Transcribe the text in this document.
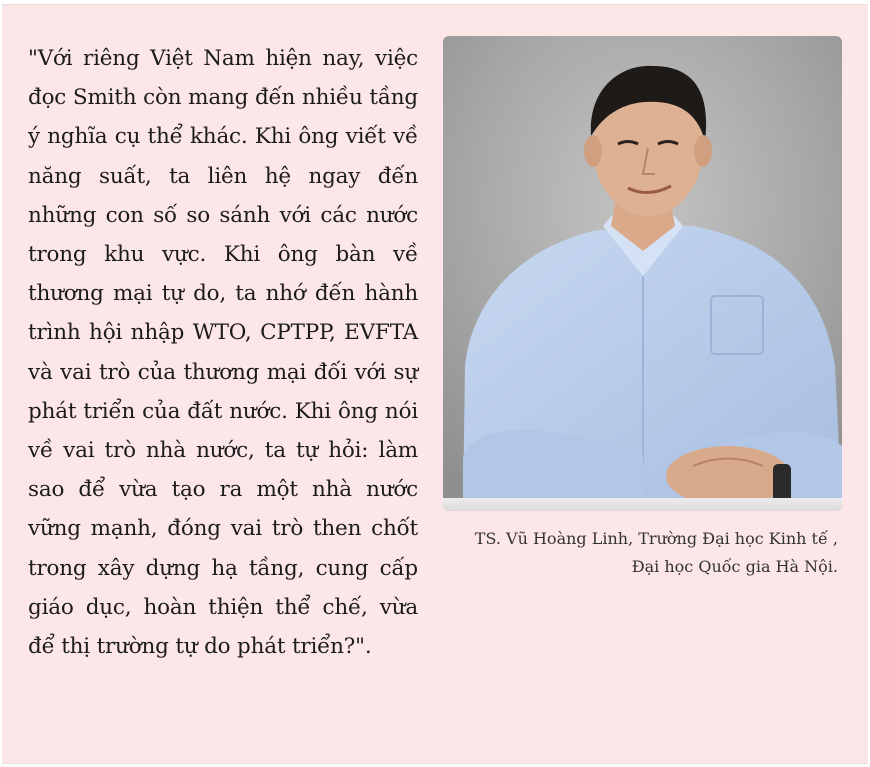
"Với riêng Việt Nam hiện nay, việc đọc Smith còn mang đến nhiều tầng ý nghĩa cụ thể khác. Khi ông viết về năng suất, ta liên hệ ngay đến những con số so sánh với các nước trong khu vực. Khi ông bàn về thương mại tự do, ta nhớ đến hành trình hội nhập WTO, CPTPP, EVFTA và vai trò của thương mại đối với sự phát triển của đất nước. Khi ông nói về vai trò nhà nước, ta tự hỏi: làm sao để vừa tạo ra một nhà nước vững mạnh, đóng vai trò then chốt trong xây dựng hạ tầng, cung cấp giáo dục, hoàn thiện thể chế, vừa để thị trường tự do phát triển?".

TS. Vũ Hoàng Linh, Trường Đại học Kinh tế ,
Đại học Quốc gia Hà Nội.
